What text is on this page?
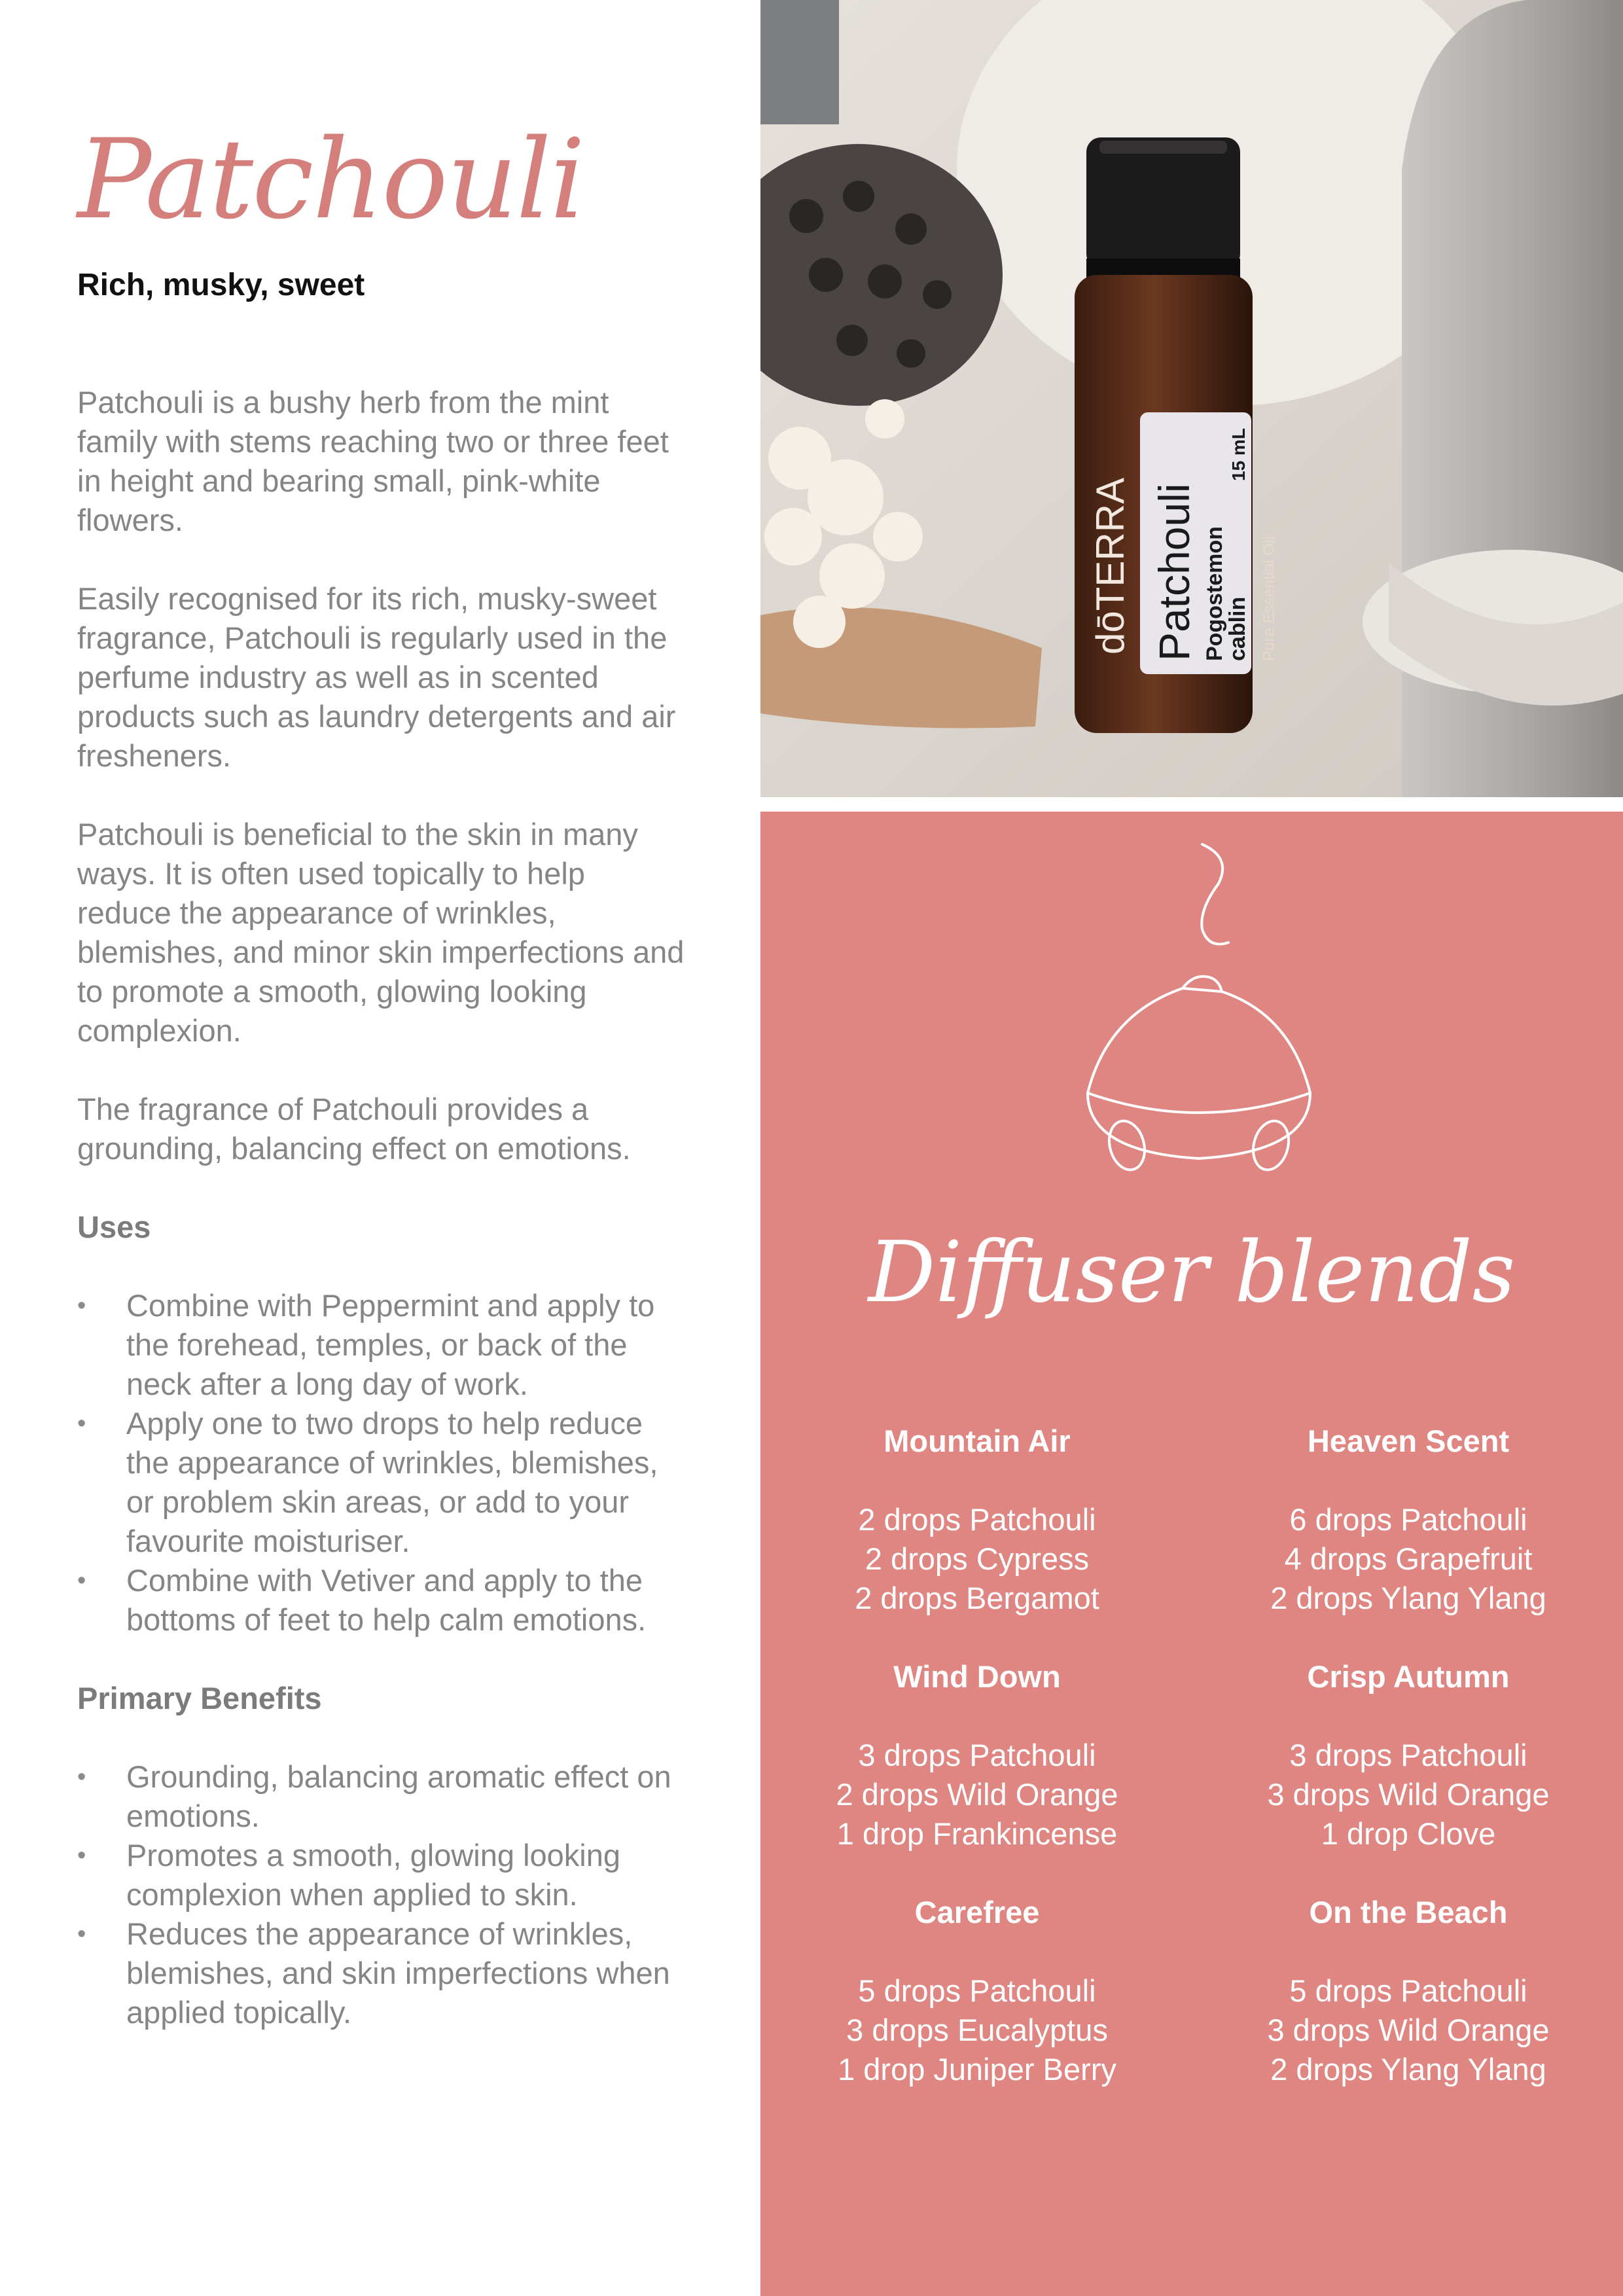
Patchouli

Rich, musky, sweet

Patchouli is a bushy herb from the mint family with stems reaching two or three feet in height and bearing small, pink-white flowers.

Easily recognised for its rich, musky-sweet fragrance, Patchouli is regularly used in the perfume industry as well as in scented products such as laundry detergents and air fresheners.

Patchouli is beneficial to the skin in many ways. It is often used topically to help reduce the appearance of wrinkles, blemishes, and minor skin imperfections and to promote a smooth, glowing looking complexion.

The fragrance of Patchouli provides a grounding, balancing effect on emotions.

Uses
• Combine with Peppermint and apply to the forehead, temples, or back of the neck after a long day of work.
• Apply one to two drops to help reduce the appearance of wrinkles, blemishes, or problem skin areas, or add to your favourite moisturiser.
• Combine with Vetiver and apply to the bottoms of feet to help calm emotions.
Primary Benefits
• Grounding, balancing aromatic effect on emotions.
• Promotes a smooth, glowing looking complexion when applied to skin.
• Reduces the appearance of wrinkles, blemishes, and skin imperfections when applied topically.
dōTERRA Patchouli Pogostemon
cablin
15 mL
Pure Essential Oil
Diffuser blends

Mountain Air

2 drops Patchouli

2 drops Cypress

2 drops Bergamot

Heaven Scent

6 drops Patchouli

4 drops Grapefruit

2 drops Ylang Ylang

Wind Down

3 drops Patchouli

2 drops Wild Orange

1 drop Frankincense

Crisp Autumn

3 drops Patchouli

3 drops Wild Orange

1 drop Clove

Carefree

5 drops Patchouli

3 drops Eucalyptus

1 drop Juniper Berry

On the Beach

5 drops Patchouli

3 drops Wild Orange

2 drops Ylang Ylang
